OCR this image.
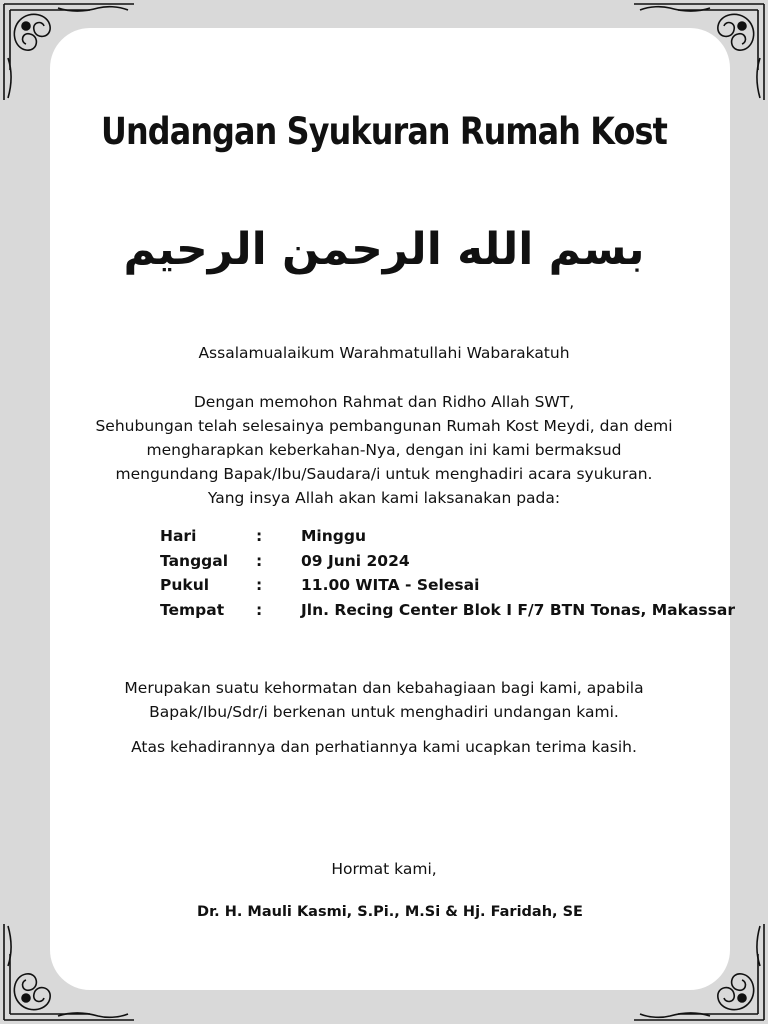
Undangan Syukuran Rumah Kost
بسم الله الرحمن الرحيم
Assalamualaikum Warahmatullahi Wabarakatuh
Dengan memohon Rahmat dan Ridho Allah SWT,
Sehubungan telah selesainya pembangunan Rumah Kost Meydi, dan demi
mengharapkan keberkahan-Nya, dengan ini kami bermaksud
mengundang Bapak/Ibu/Saudara/i untuk menghadiri acara syukuran.
Yang insya Allah akan kami laksanakan pada:
Hari	:	Minggu
Tanggal	:	09 Juni 2024
Pukul	:	11.00 WITA - Selesai
Tempat	:	Jln. Recing Center Blok I F/7 BTN Tonas, Makassar
Merupakan suatu kehormatan dan kebahagiaan bagi kami, apabila
Bapak/Ibu/Sdr/i berkenan untuk menghadiri undangan kami.
Atas kehadirannya dan perhatiannya kami ucapkan terima kasih.
Hormat kami,
Dr. H. Mauli Kasmi, S.Pi., M.Si & Hj. Faridah, SE
